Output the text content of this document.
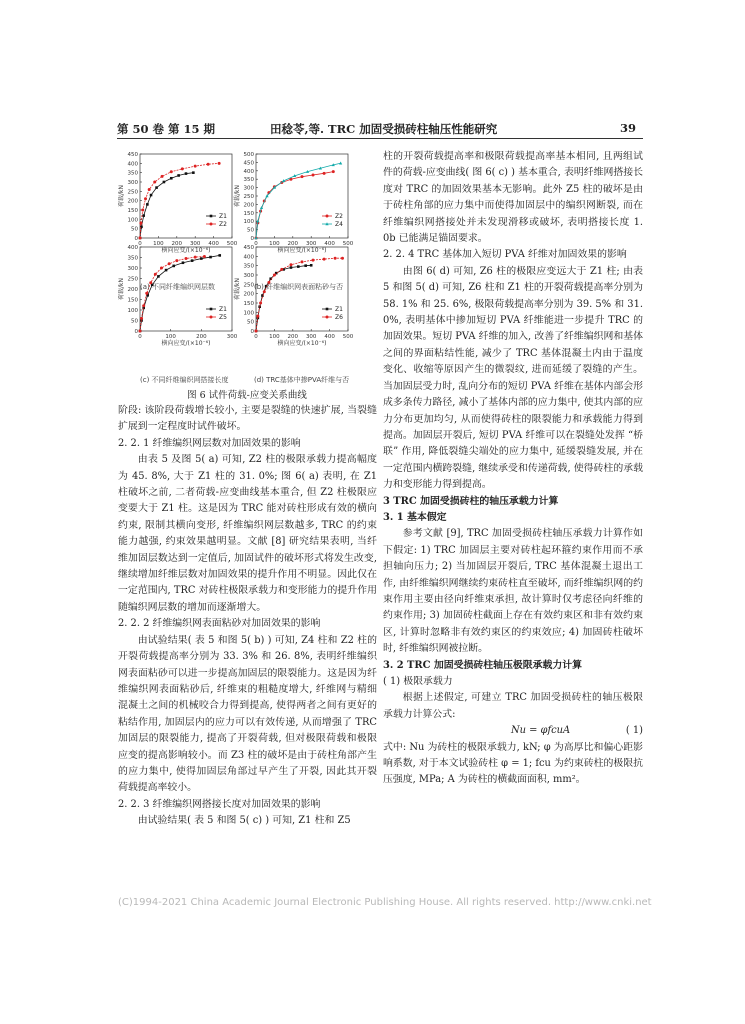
第 50 卷 第 15 期	田稔苓,等. TRC 加固受损砖柱轴压性能研究	39
0 100 200 300 400 500
0
50
100
150
200
250
300
350
400
450
横向应变/(×10⁻⁶)
荷载/kN
Z1
Z2
0 100 200 300 400 500
0
50
100
150
200
250
300
350
400
450
500
横向应变/(×10⁻⁶)
荷载/kN
Z2
Z4
0	100	200	300
0
50
100
150
200
250
300
350
400
横向应变/(×10⁻⁶)
荷载/kN
Z1
Z5
0 100 200 300 400 500
0
50
100
150
200
250
300
350
400
450
横向应变/(×10⁻⁶)
荷载/kN
Z1
Z6
(a) 不同纤维编织网层数	(b) 纤维编织网表面粘砂与否
(c) 不同纤维编织网搭接长度	(d) TRC基体中掺PVA纤维与否
图 6 试件荷载-应变关系曲线

阶段: 该阶段荷载增长较小, 主要是裂缝的快速扩展, 当裂缝扩展到一定程度时试件破坏。

2. 2. 1 纤维编织网层数对加固效果的影响

由表 5 及图 5( a) 可知, Z2 柱的极限承载力提高幅度为 45. 8%, 大于 Z1 柱的 31. 0%; 图 6( a) 表明, 在 Z1 柱破坏之前, 二者荷载-应变曲线基本重合, 但 Z2 柱极限应变要大于 Z1 柱。这是因为 TRC 能对砖柱形成有效的横向约束, 限制其横向变形, 纤维编织网层数越多, TRC 的约束能力越强, 约束效果越明显。文献 [8] 研究结果表明, 当纤维加固层数达到一定值后, 加固试件的破坏形式将发生改变, 继续增加纤维层数对加固效果的提升作用不明显。因此仅在一定范围内, TRC 对砖柱极限承载力和变形能力的提升作用随编织网层数的增加而逐渐增大。

2. 2. 2 纤维编织网表面粘砂对加固效果的影响

由试验结果( 表 5 和图 5( b) ) 可知, Z4 柱和 Z2 柱的开裂荷载提高率分别为 33. 3% 和 26. 8%, 表明纤维编织网表面粘砂可以进一步提高加固层的限裂能力。这是因为纤维编织网表面粘砂后, 纤维束的粗糙度增大, 纤维网与精细混凝土之间的机械咬合力得到提高, 使得两者之间有更好的粘结作用, 加固层内的应力可以有效传递, 从而增强了 TRC 加固层的限裂能力, 提高了开裂荷载, 但对极限荷载和极限应变的提高影响较小。而 Z3 柱的破坏是由于砖柱角部产生的应力集中, 使得加固层角部过早产生了开裂, 因此其开裂荷载提高率较小。

2. 2. 3 纤维编织网搭接长度对加固效果的影响

由试验结果( 表 5 和图 5( c) ) 可知, Z1 柱和 Z5

柱的开裂荷载提高率和极限荷载提高率基本相同, 且两组试件的荷载-应变曲线( 图 6( c) ) 基本重合, 表明纤维网搭接长度对 TRC 的加固效果基本无影响。此外 Z5 柱的破坏是由于砖柱角部的应力集中而使得加固层中的编织网断裂, 而在纤维编织网搭接处并未发现滑移或破坏, 表明搭接长度 1. 0b 已能满足锚固要求。

2. 2. 4 TRC 基体加入短切 PVA 纤维对加固效果的影响

由图 6( d) 可知, Z6 柱的极限应变远大于 Z1 柱; 由表 5 和图 5( d) 可知, Z6 柱和 Z1 柱的开裂荷载提高率分别为 58. 1% 和 25. 6%, 极限荷载提高率分别为 39. 5% 和 31. 0%, 表明基体中掺加短切 PVA 纤维能进一步提升 TRC 的加固效果。短切 PVA 纤维的加入, 改善了纤维编织网和基体之间的界面粘结性能, 减少了 TRC 基体混凝土内由于温度变化、收缩等原因产生的微裂纹, 进而延缓了裂缝的产生。当加固层受力时, 乱向分布的短切 PVA 纤维在基体内部会形成多条传力路径, 减小了基体内部的应力集中, 使其内部的应力分布更加均匀, 从而使得砖柱的限裂能力和承载能力得到提高。加固层开裂后, 短切 PVA 纤维可以在裂缝处发挥 “桥联” 作用, 降低裂缝尖端处的应力集中, 延缓裂缝发展, 并在一定范围内横跨裂缝, 继续承受和传递荷载, 使得砖柱的承载力和变形能力得到提高。

3 TRC 加固受损砖柱的轴压承载力计算

3. 1 基本假定

参考文献 [9], TRC 加固受损砖柱轴压承载力计算作如下假定: 1) TRC 加固层主要对砖柱起环箍约束作用而不承担轴向压力; 2) 当加固层开裂后, TRC 基体混凝土退出工作, 由纤维编织网继续约束砖柱直至破坏, 而纤维编织网的约束作用主要由径向纤维束承担, 故计算时仅考虑径向纤维的约束作用; 3) 加固砖柱截面上存在有效约束区和非有效约束区, 计算时忽略非有效约束区的约束效应; 4) 加固砖柱破坏时, 纤维编织网被拉断。

3. 2 TRC 加固受损砖柱轴压极限承载力计算

( 1) 极限承载力

根据上述假定, 可建立 TRC 加固受损砖柱的轴压极限承载力计算公式:

Nu = φfcuA	( 1)

式中: Nu 为砖柱的极限承载力, kN; φ 为高厚比和偏心距影响系数, 对于本文试验砖柱 φ = 1; fcu 为约束砖柱的极限抗压强度, MPa; A 为砖柱的横截面面积, mm²。

(C)1994-2021 China Academic Journal Electronic Publishing House. All rights reserved. http://www.cnki.net
